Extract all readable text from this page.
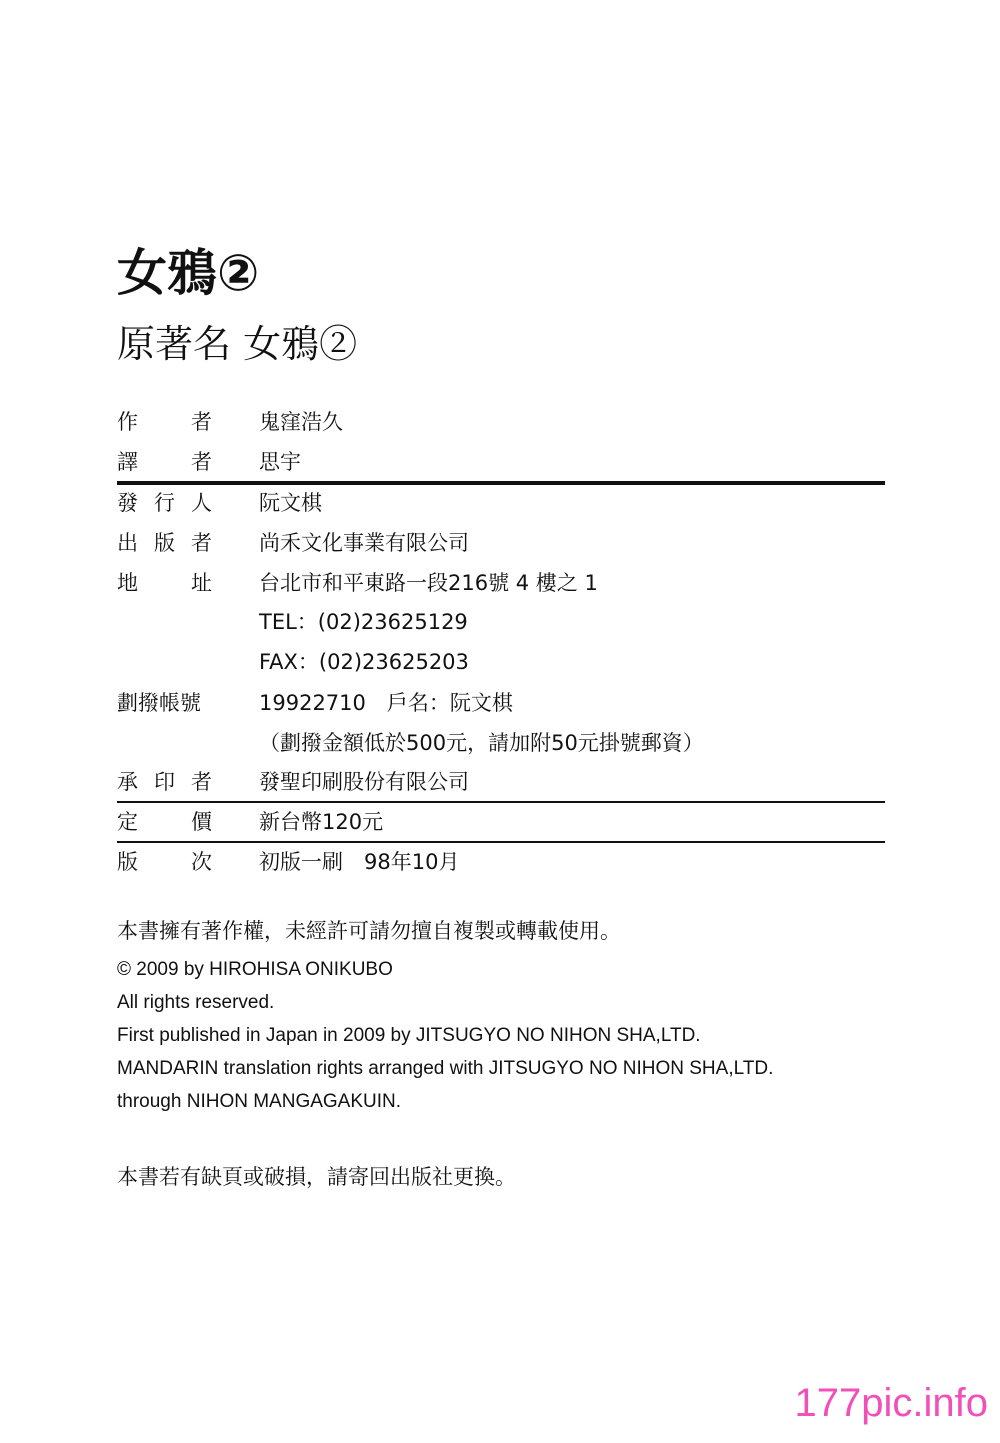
女鴉②
原著名 女鴉②
作	者 鬼窪浩久
譯	者 思宇
發 行 人 阮文棋
出 版 者 尚禾文化事業有限公司
地	址 台北市和平東路一段216號 4 樓之 1
TEL：(02)23625129
FAX：(02)23625203
劃撥帳號	19922710　戶名：阮文棋
（劃撥金額低於500元，請加附50元掛號郵資）
承 印 者 發聖印刷股份有限公司
定	價 新台幣120元
版	次 初版一刷　98年10月
本書擁有著作權，未經許可請勿擅自複製或轉載使用。
© 2009 by HIROHISA ONIKUBO
All rights reserved.
First published in Japan in 2009 by JITSUGYO NO NIHON SHA,LTD.
MANDARIN translation rights arranged with JITSUGYO NO NIHON SHA,LTD.
through NIHON MANGAGAKUIN.
本書若有缺頁或破損，請寄回出版社更換。
177pic.info
